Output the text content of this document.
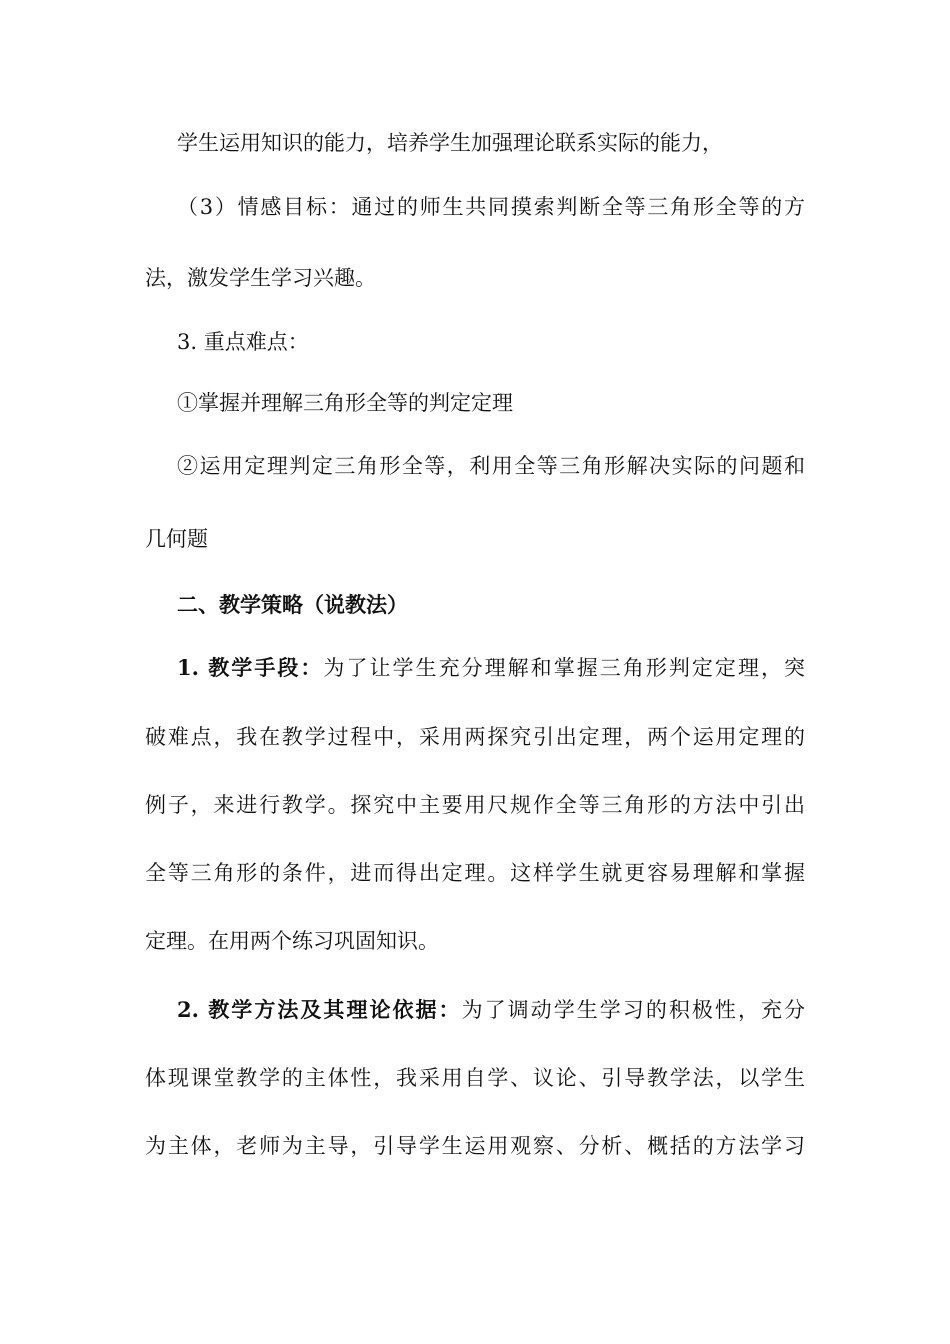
学生运用知识的能力，培养学生加强理论联系实际的能力，
（3）情感目标：通过的师生共同摸索判断全等三角形全等的方
法，激发学生学习兴趣。
3. 重点难点：
①掌握并理解三角形全等的判定定理
②运用定理判定三角形全等，利用全等三角形解决实际的问题和
几何题
二、教学策略（说教法）
1. 教学手段：为了让学生充分理解和掌握三角形判定定理，突
破难点，我在教学过程中，采用两探究引出定理，两个运用定理的
例子，来进行教学。探究中主要用尺规作全等三角形的方法中引出
全等三角形的条件，进而得出定理。这样学生就更容易理解和掌握
定理。在用两个练习巩固知识。
2. 教学方法及其理论依据：为了调动学生学习的积极性，充分
体现课堂教学的主体性，我采用自学、议论、引导教学法，以学生
为主体，老师为主导，引导学生运用观察、分析、概括的方法学习
